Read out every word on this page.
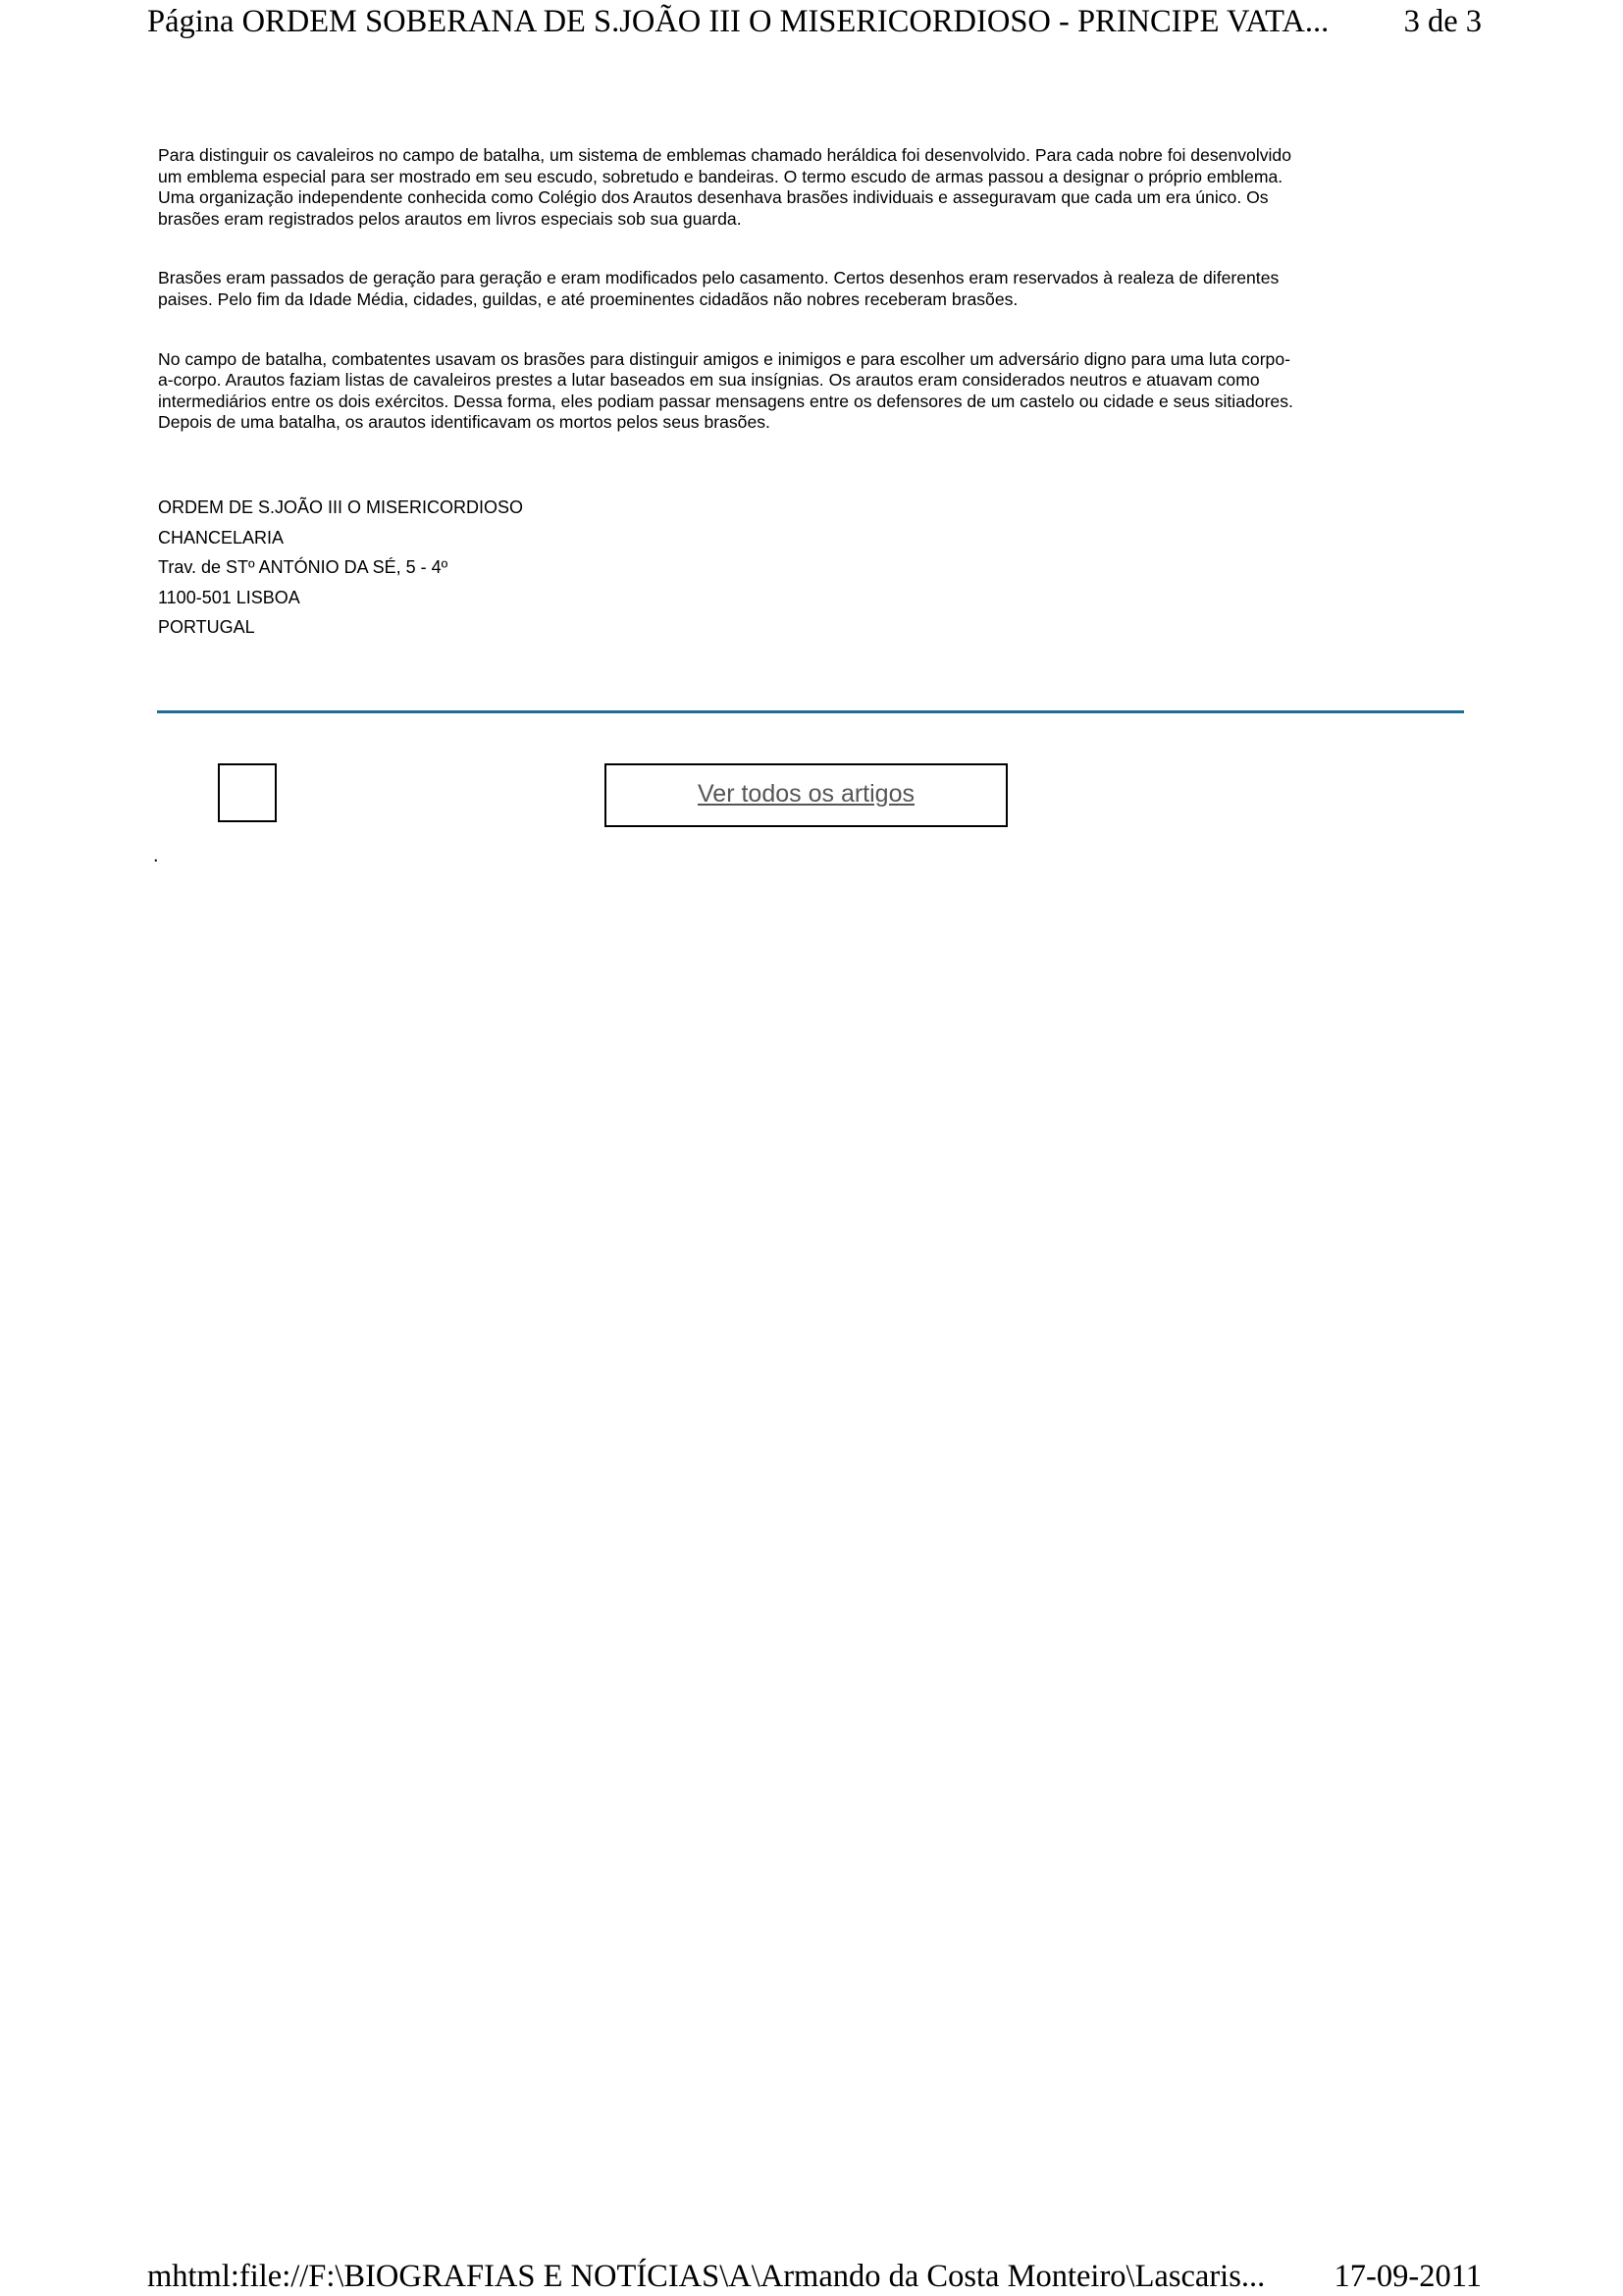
Página ORDEM SOBERANA DE S.JOÃO III O MISERICORDIOSO - PRINCIPE VATA... 3 de 3

Para distinguir os cavaleiros no campo de batalha, um sistema de emblemas chamado heráldica foi desenvolvido. Para cada nobre foi desenvolvido um emblema especial para ser mostrado em seu escudo, sobretudo e bandeiras. O termo escudo de armas passou a designar o próprio emblema. Uma organização independente conhecida como Colégio dos Arautos desenhava brasões individuais e asseguravam que cada um era único. Os brasões eram registrados pelos arautos em livros especiais sob sua guarda.

Brasões eram passados de geração para geração e eram modificados pelo casamento. Certos desenhos eram reservados à realeza de diferentes paises. Pelo fim da Idade Média, cidades, guildas, e até proeminentes cidadãos não nobres receberam brasões.

No campo de batalha, combatentes usavam os brasões para distinguir amigos e inimigos e para escolher um adversário digno para uma luta corpo-a-corpo. Arautos faziam listas de cavaleiros prestes a lutar baseados em sua insígnias. Os arautos eram considerados neutros e atuavam como intermediários entre os dois exércitos. Dessa forma, eles podiam passar mensagens entre os defensores de um castelo ou cidade e seus sitiadores. Depois de uma batalha, os arautos identificavam os mortos pelos seus brasões.

ORDEM DE S.JOÃO III O MISERICORDIOSO
CHANCELARIA
Trav. de STº ANTÓNIO DA SÉ, 5 - 4º
1100-501 LISBOA
PORTUGAL
Ver todos os artigos
.
mhtml:file://F:\BIOGRAFIAS E NOTÍCIAS\A\Armando da Costa Monteiro\Lascaris... 17-09-2011
